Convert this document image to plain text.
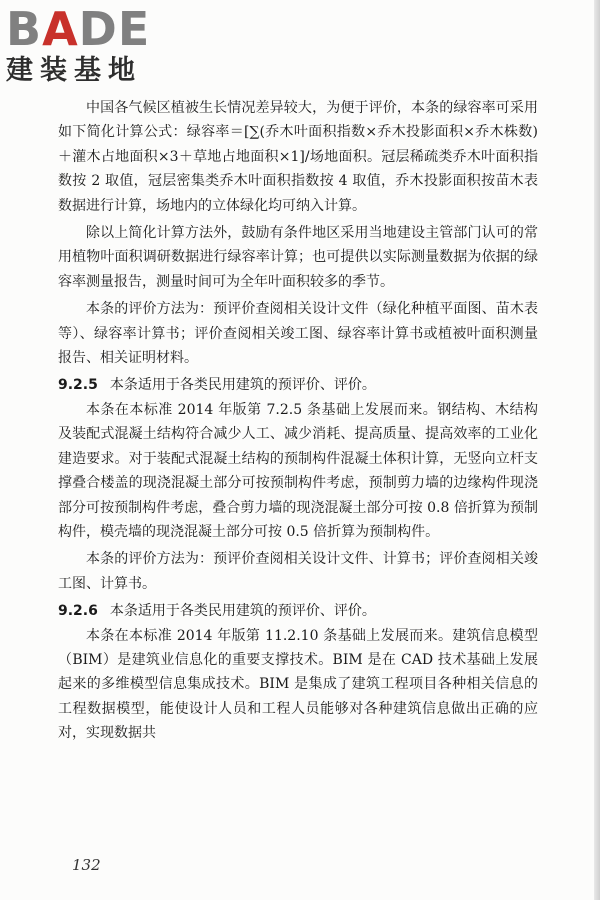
BADE
建装基地

中国各气候区植被生长情况差异较大，为便于评价，本条的绿容率可采用如下简化计算公式：绿容率＝[∑(乔木叶面积指数×乔木投影面积×乔木株数)＋灌木占地面积×3＋草地占地面积×1]/场地面积。冠层稀疏类乔木叶面积指数按 2 取值，冠层密集类乔木叶面积指数按 4 取值，乔木投影面积按苗木表数据进行计算，场地内的立体绿化均可纳入计算。

除以上简化计算方法外，鼓励有条件地区采用当地建设主管部门认可的常用植物叶面积调研数据进行绿容率计算；也可提供以实际测量数据为依据的绿容率测量报告，测量时间可为全年叶面积较多的季节。

本条的评价方法为：预评价查阅相关设计文件（绿化种植平面图、苗木表等）、绿容率计算书；评价查阅相关竣工图、绿容率计算书或植被叶面积测量报告、相关证明材料。

9.2.5 本条适用于各类民用建筑的预评价、评价。

本条在本标准 2014 年版第 7.2.5 条基础上发展而来。钢结构、木结构及装配式混凝土结构符合减少人工、减少消耗、提高质量、提高效率的工业化建造要求。对于装配式混凝土结构的预制构件混凝土体积计算，无竖向立杆支撑叠合楼盖的现浇混凝土部分可按预制构件考虑，预制剪力墙的边缘构件现浇部分可按预制构件考虑，叠合剪力墙的现浇混凝土部分可按 0.8 倍折算为预制构件，模壳墙的现浇混凝土部分可按 0.5 倍折算为预制构件。

本条的评价方法为：预评价查阅相关设计文件、计算书；评价查阅相关竣工图、计算书。

9.2.6 本条适用于各类民用建筑的预评价、评价。

本条在本标准 2014 年版第 11.2.10 条基础上发展而来。建筑信息模型（BIM）是建筑业信息化的重要支撑技术。BIM 是在 CAD 技术基础上发展起来的多维模型信息集成技术。BIM 是集成了建筑工程项目各种相关信息的工程数据模型，能使设计人员和工程人员能够对各种建筑信息做出正确的应对，实现数据共

132
